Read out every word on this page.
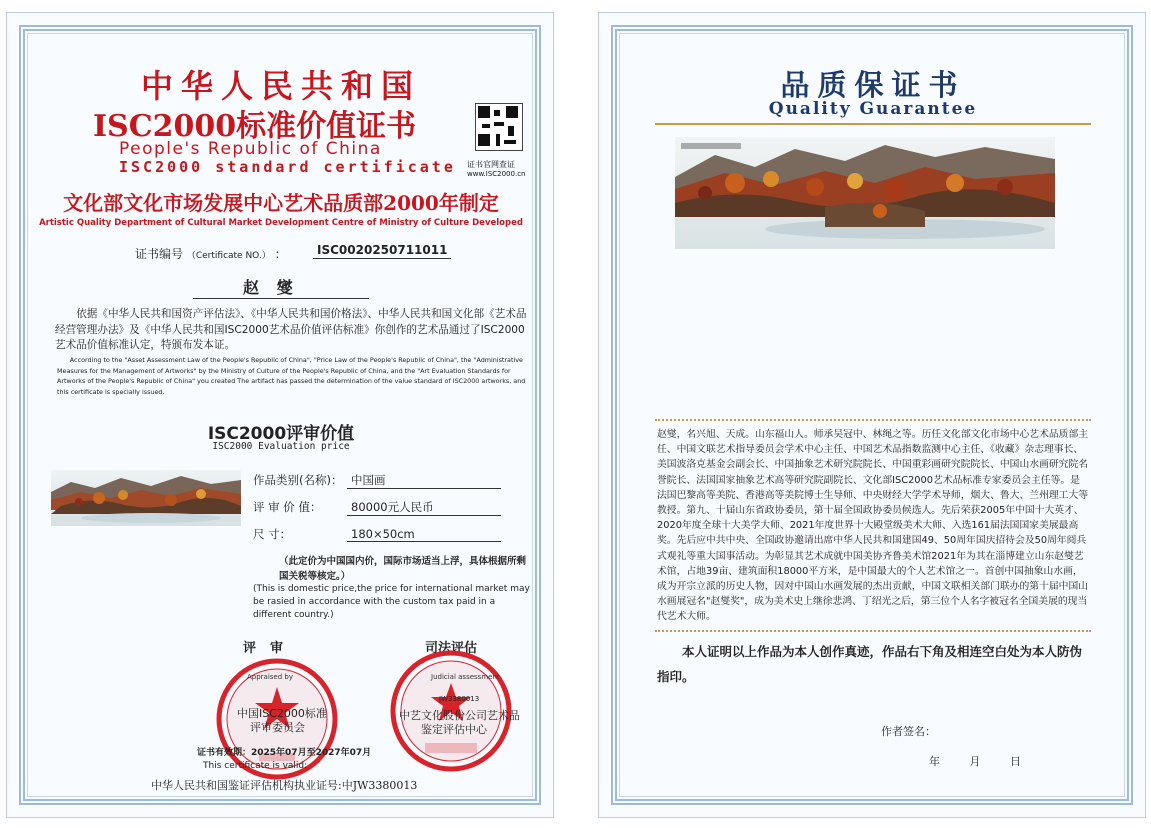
中华人民共和国
ISC2000标准价值证书
People's Republic of China
ISC2000 standard certificate 证书官网查证
www.ISC2000.cn
文化部文化市场发展中心艺术品质部2000年制定
Artistic Quality Department of Cultural Market Development Centre of Ministry of Culture Developed
证书编号 （Certificate NO.） ：	ISC0020250711011
赵 燮
依据《中华人民共和国资产评估法》、《中华人民共和国价格法》、中华人民共和国文化部《艺术品经营管理办法》及《中华人民共和国ISC2000艺术品价值评估标准》你创作的艺术品通过了ISC2000艺术品价值标准认定，特颁布发本证。
According to the "Asset Assessment Law of the People's Republic of China", "Price Law of the People's Republic of China", the "Administrative Measures for the Management of Artworks" by the Ministry of Culture of the People's Republic of China, and the "Art Evaluation Standards for Artworks of the People's Republic of China" you created The artifact has passed the determination of the value standard of ISC2000 artworks, and this certificate is specially issued.
ISC2000评审价值
ISC2000 Evaluation price
作品类别(名称)： 中国画
评 审 价 值：	80000元人民币
尺 寸：	180×50cm
（此定价为中国国内价，国际市场适当上浮，具体根据所剩国关税等核定。）
(This is domestic price,the price for international market may be rasied in accordance with the custom tax paid in a different country.)
评审	司法评估
Appraised by	Judicial assessment
中国ISC2000标准
评审委员会
JW3380013
中艺文化股份公司艺术品
鉴定评估中心
证书有效期：2025年07月至2027年07月
This certificate is valid:
中华人民共和国鉴证评估机构执业证号:中JW3380013
品质保证书
Quality Guarantee
赵燮，名兴旭、天成。山东福山人。师承吴冠中、林绳之等。历任文化部文化市场中心艺术品质部主任、中国文联艺术指导委员会学术中心主任、中国艺术品指数监测中心主任、《收藏》杂志理事长、美国波洛克基金会副会长、中国抽象艺术研究院院长、中国重彩画研究院院长、中国山水画研究院名誉院长、法国国家抽象艺术高等研究院副院长、文化部ISC2000艺术品标准专家委员会主任等。是法国巴黎高等美院、香港高等美院博士生导师、中央财经大学学术导师，烟大、鲁大、兰州理工大等教授。第九、十届山东省政协委员，第十届全国政协委员候选人。先后荣获2005年中国十大英才、2020年度全球十大美学大师、2021年度世界十大殿堂级美术大师、入选161届法国国家美展最高奖。先后应中共中央、全国政协邀请出席中华人民共和国建国49、50周年国庆招待会及50周年阅兵式观礼等重大国事活动。为彰显其艺术成就中国美协齐鲁美术馆2021年为其在淄博建立山东赵燮艺术馆，占地39亩、建筑面积18000平方米，是中国最大的个人艺术馆之一。首创中国抽象山水画，成为开宗立派的历史人物，因对中国山水画发展的杰出贡献，中国文联相关部门联办的第十届中国山水画展冠名"赵燮奖"，成为美术史上继徐悲鸿、丁绍光之后，第三位个人名字被冠名全国美展的现当代艺术大师。
本人证明以上作品为本人创作真迹，作品右下角及相连空白处为本人防伪指印。
作者签名：
年	月	日
